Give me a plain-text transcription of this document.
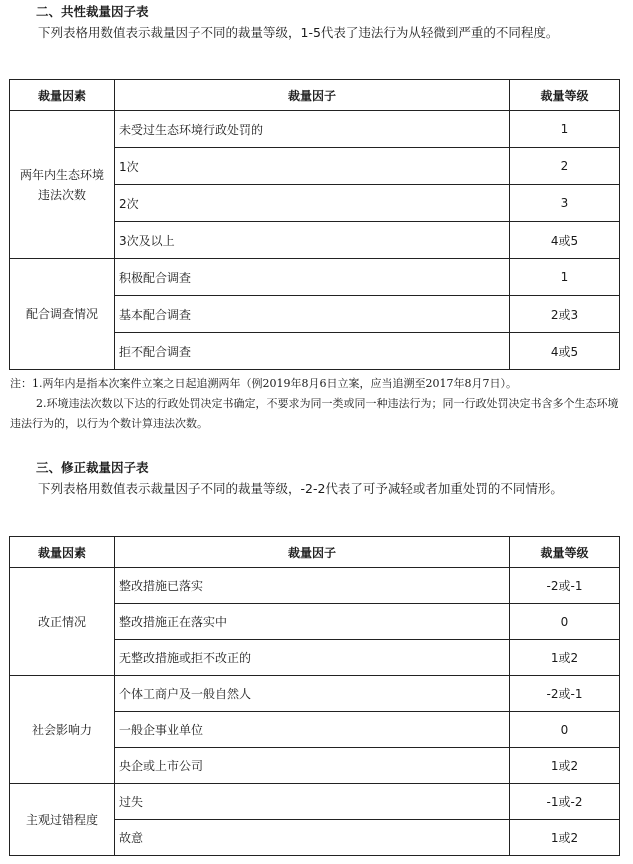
二、共性裁量因子表
下列表格用数值表示裁量因子不同的裁量等级，1-5代表了违法行为从轻微到严重的不同程度。
裁量因素	裁量因子	裁量等级
两年内生态环境
违法次数	未受过生态环境行政处罚的	1
	1次	2
	2次	3
	3次及以上	4或5
配合调查情况	积极配合调查	1
	基本配合调查	2或3
	拒不配合调查	4或5
注：1.两年内是指本次案件立案之日起追溯两年（例2019年8月6日立案，应当追溯至2017年8月7日）。
2.环境违法次数以下达的行政处罚决定书确定，不要求为同一类或同一种违法行为；同一行政处罚决定书含多个生态环境违法行为的，以行为个数计算违法次数。
三、修正裁量因子表
下列表格用数值表示裁量因子不同的裁量等级，-2-2代表了可予减轻或者加重处罚的不同情形。
裁量因素	裁量因子	裁量等级
改正情况	整改措施已落实	-2或-1
	整改措施正在落实中	0
	无整改措施或拒不改正的	1或2
社会影响力	个体工商户及一般自然人	-2或-1
	一般企事业单位	0
	央企或上市公司	1或2
主观过错程度	过失	-1或-2
	故意	1或2
